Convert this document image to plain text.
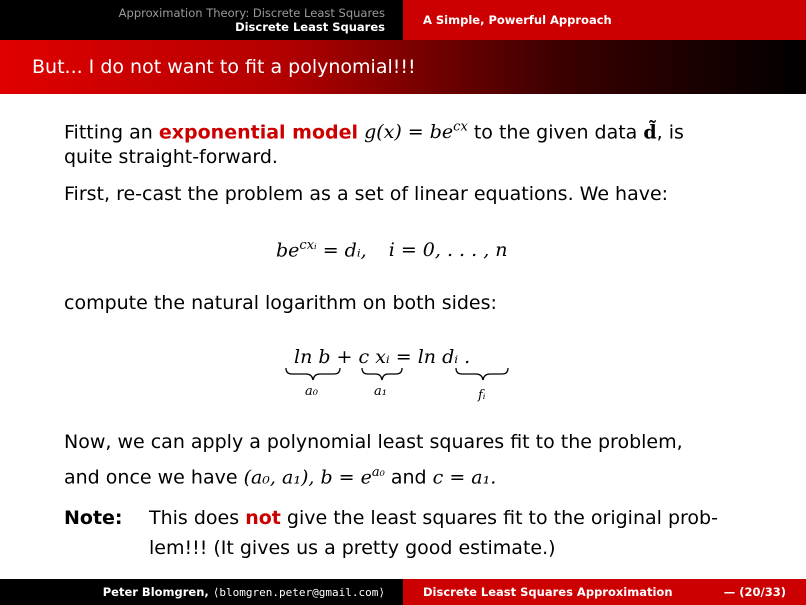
Approximation Theory: Discrete Least Squares
Discrete Least Squares	A Simple, Powerful Approach
But... I do not want to fit a polynomial!!!
Fitting an exponential model $g(x) = be^{cx}$ to the given data d̃, is
quite straight-forward.
First, re-cast the problem as a set of linear equations. We have:
$be^{cxᵢ}$ = dᵢ, i = 0, . . . , n
compute the natural logarithm on both sides:
ln b + c xᵢ = ln dᵢ .
a₀	a₁	fᵢ
Now, we can apply a polynomial least squares fit to the problem,
and once we have (a₀, a₁), $b = e^{a_0}$ and c = a₁.
Note: This does not give the least squares fit to the original prob-
lem!!! (It gives us a pretty good estimate.)
Peter Blomgren,
⟨blomgren.peter@gmail.com⟩	Discrete Least Squares Approximation	— (20/33)
